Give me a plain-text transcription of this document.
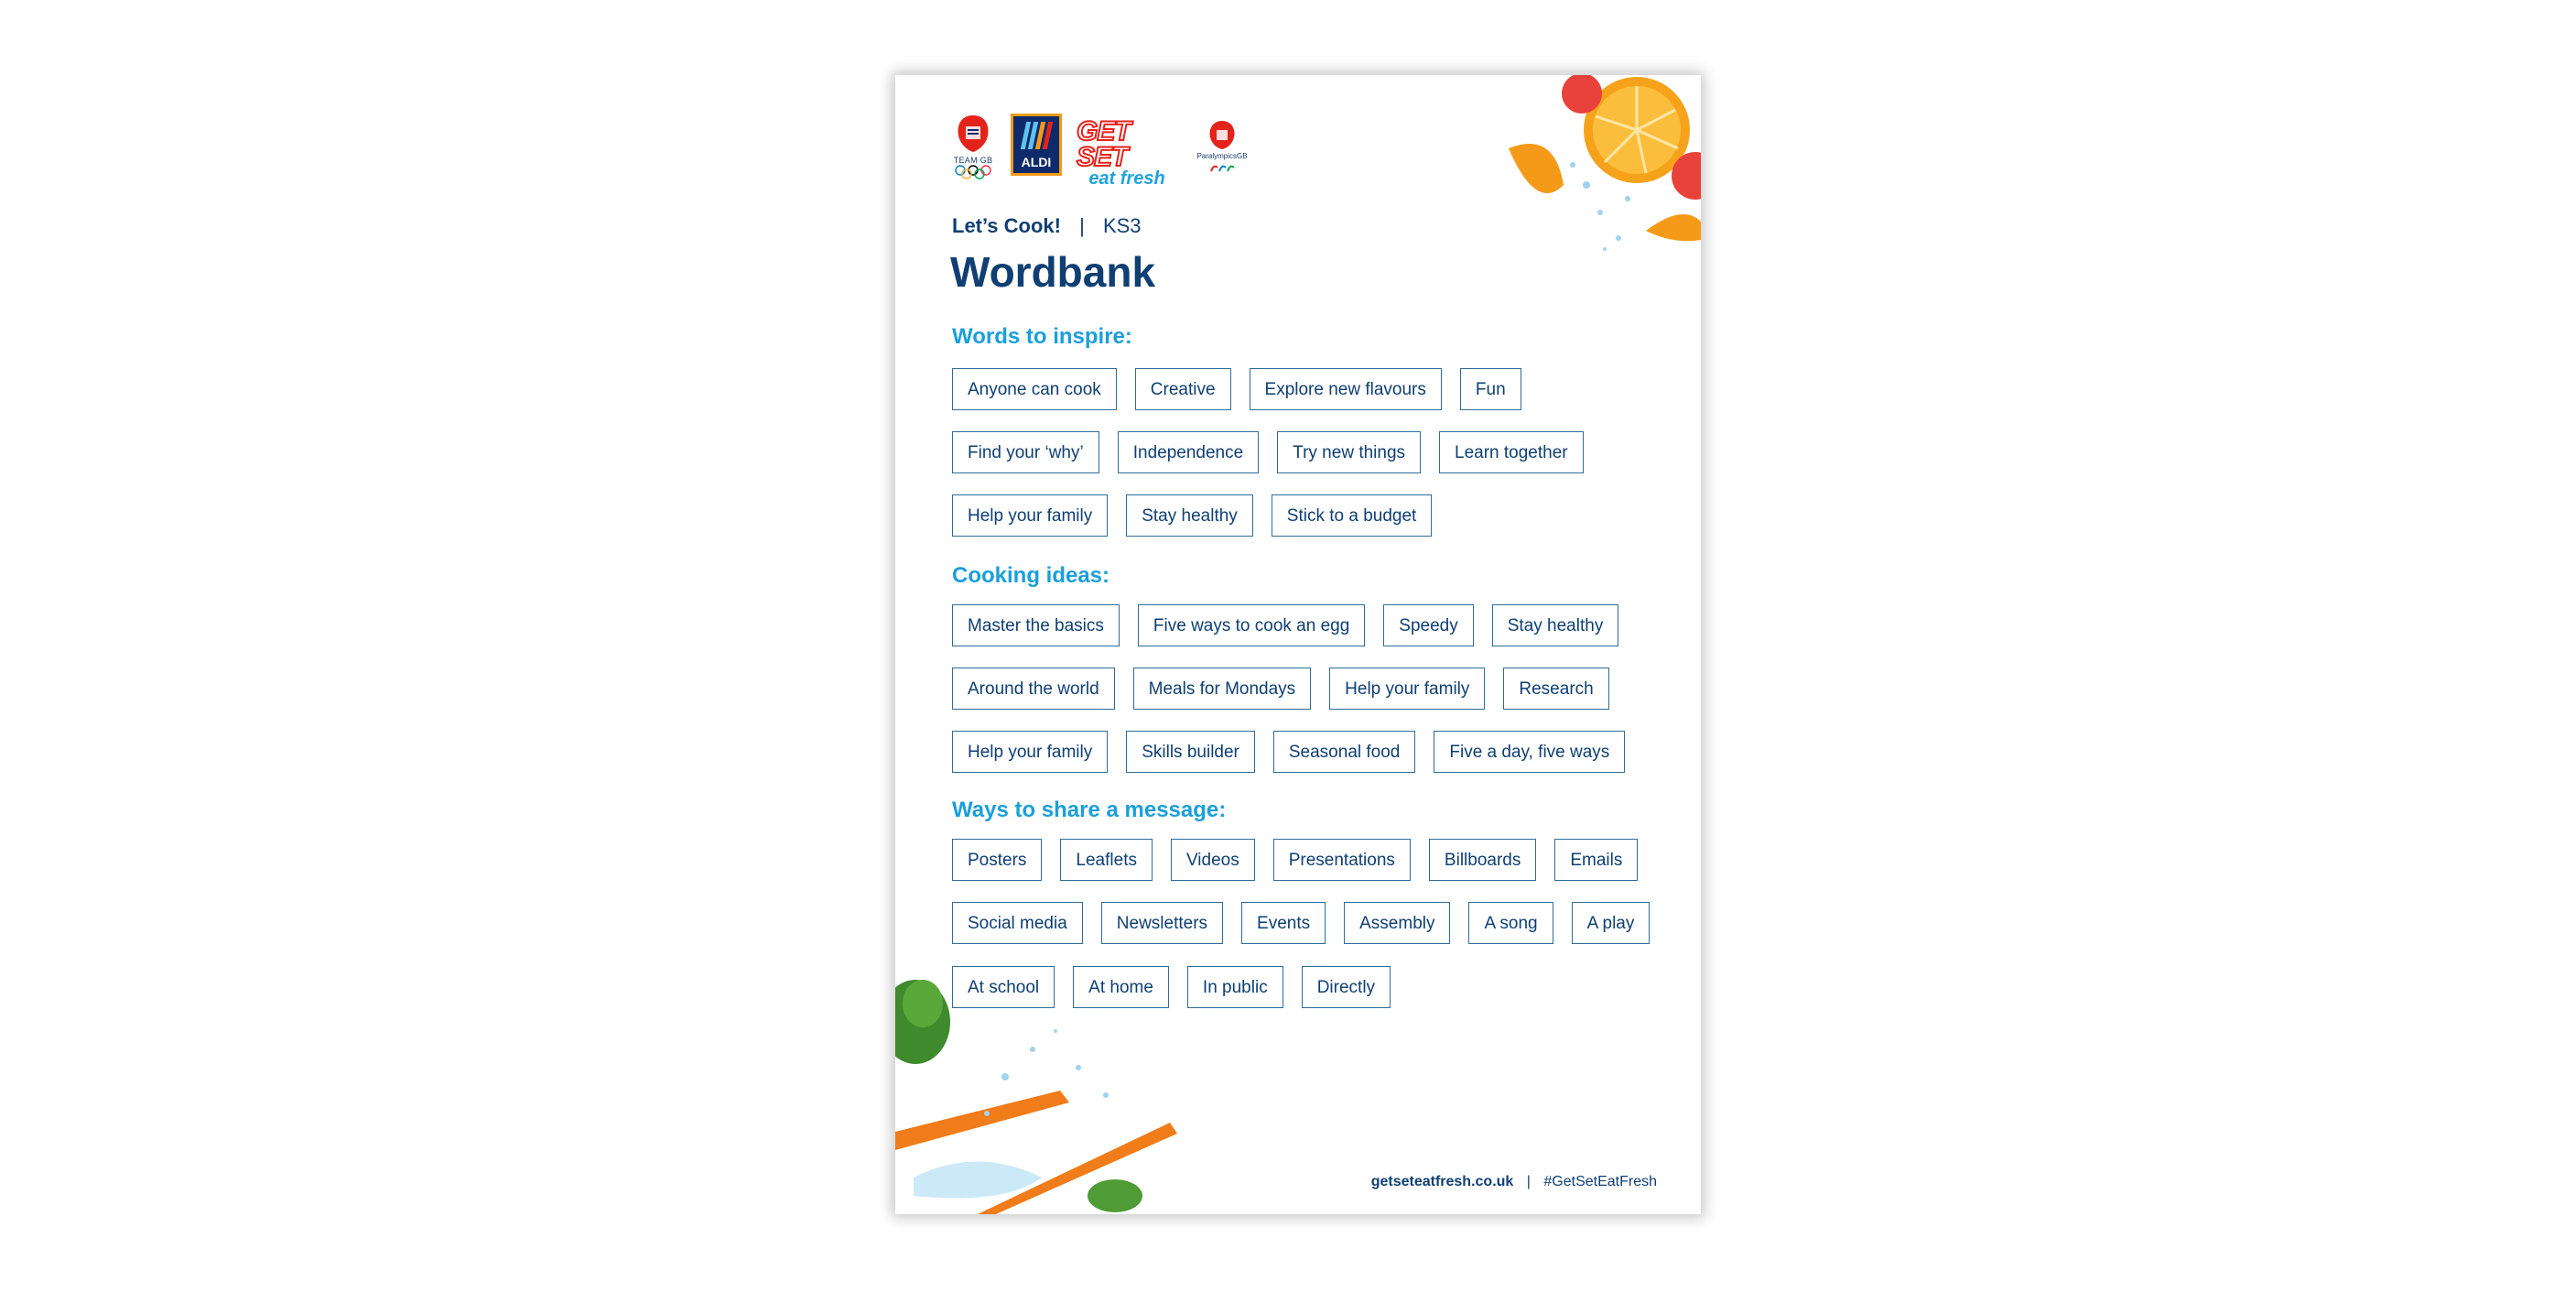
TEAM GB ALDI
GET SET
eat fresh
ParalympicsGB
Let’s Cook! | KS3
Wordbank
Words to inspire:
Anyone can cook	Creative	Explore new flavours	Fun
Find your ‘why’	Independence	Try new things	Learn together
Help your family	Stay healthy	Stick to a budget
Cooking ideas:
Master the basics	Five ways to cook an egg	Speedy	Stay healthy
Around the world	Meals for Mondays	Help your family	Research
Help your family	Skills builder	Seasonal food	Five a day, five ways
Ways to share a message:
Posters	Leaflets	Videos	Presentations	Billboards	Emails
Social media	Newsletters	Events	Assembly	A song	A play
At school	At home	In public	Directly
getseteatfresh.co.uk | #GetSetEatFresh
